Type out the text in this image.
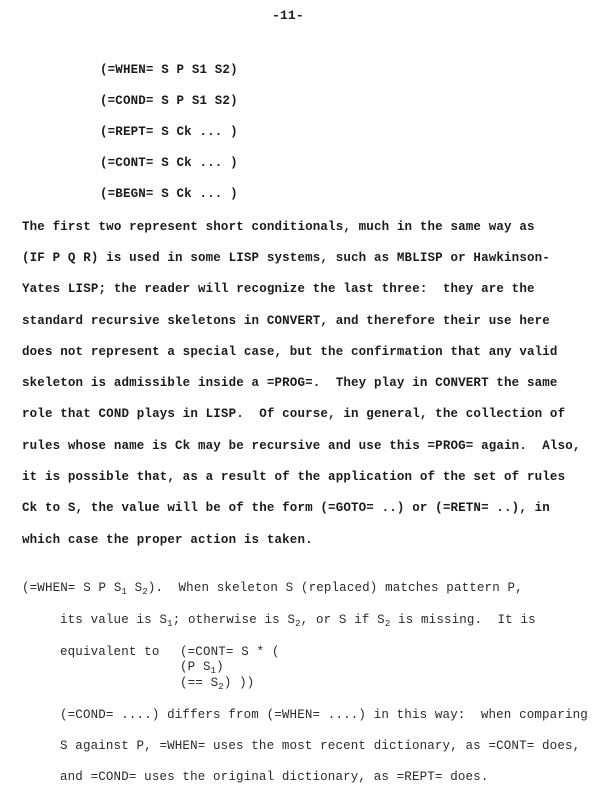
-11-
(=WHEN= S P S1 S2)
(=COND= S P S1 S2)
(=REPT= S Ck ... )
(=CONT= S Ck ... )
(=BEGN= S Ck ... )
The first two represent short conditionals, much in the same way as
(IF P Q R) is used in some LISP systems, such as MBLISP or Hawkinson-
Yates LISP; the reader will recognize the last three:  they are the
standard recursive skeletons in CONVERT, and therefore their use here
does not represent a special case, but the confirmation that any valid
skeleton is admissible inside a =PROG=.  They play in CONVERT the same
role that COND plays in LISP.  Of course, in general, the collection of
rules whose name is Ck may be recursive and use this =PROG= again.  Also,
it is possible that, as a result of the application of the set of rules
Ck to S, the value will be of the form (=GOTO= ..) or (=RETN= ..), in
which case the proper action is taken.
(=WHEN= S P $S_1$ $S_2$).  When skeleton S (replaced) matches pattern P,
its value is $S_1$; otherwise is $S_2$, or S if $S_2$ is missing.  It is
equivalent to (=CONT= S * (
(P $S_1$)
(== $S_2$) ))
(=COND= ....) differs from (=WHEN= ....) in this way:  when comparing
S against P, =WHEN= uses the most recent dictionary, as =CONT= does,
and =COND= uses the original dictionary, as =REPT= does.
